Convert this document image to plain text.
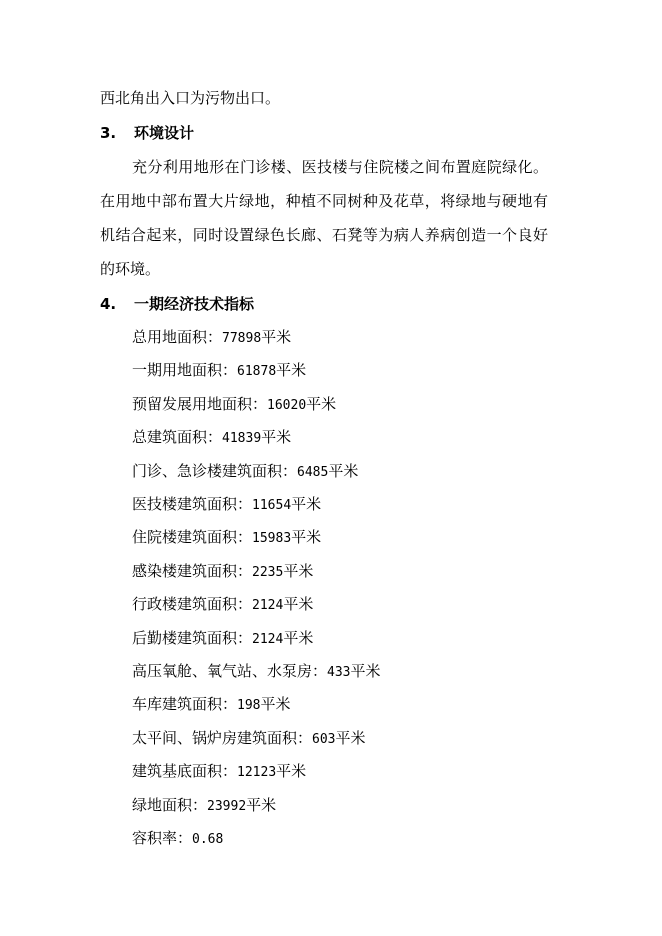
西北角出入口为污物出口。
3. 环境设计
充分利用地形在门诊楼、医技楼与住院楼之间布置庭院绿化。
在用地中部布置大片绿地，种植不同树种及花草，将绿地与硬地有
机结合起来，同时设置绿色长廊、石凳等为病人养病创造一个良好
的环境。
4. 一期经济技术指标
总用地面积：77898平米
一期用地面积：61878平米
预留发展用地面积：16020平米
总建筑面积：41839平米
门诊、急诊楼建筑面积：6485平米
医技楼建筑面积：11654平米
住院楼建筑面积：15983平米
感染楼建筑面积：2235平米
行政楼建筑面积：2124平米
后勤楼建筑面积：2124平米
高压氧舱、氧气站、水泵房：433平米
车库建筑面积：198平米
太平间、锅炉房建筑面积：603平米
建筑基底面积：12123平米
绿地面积：23992平米
容积率：0.68
